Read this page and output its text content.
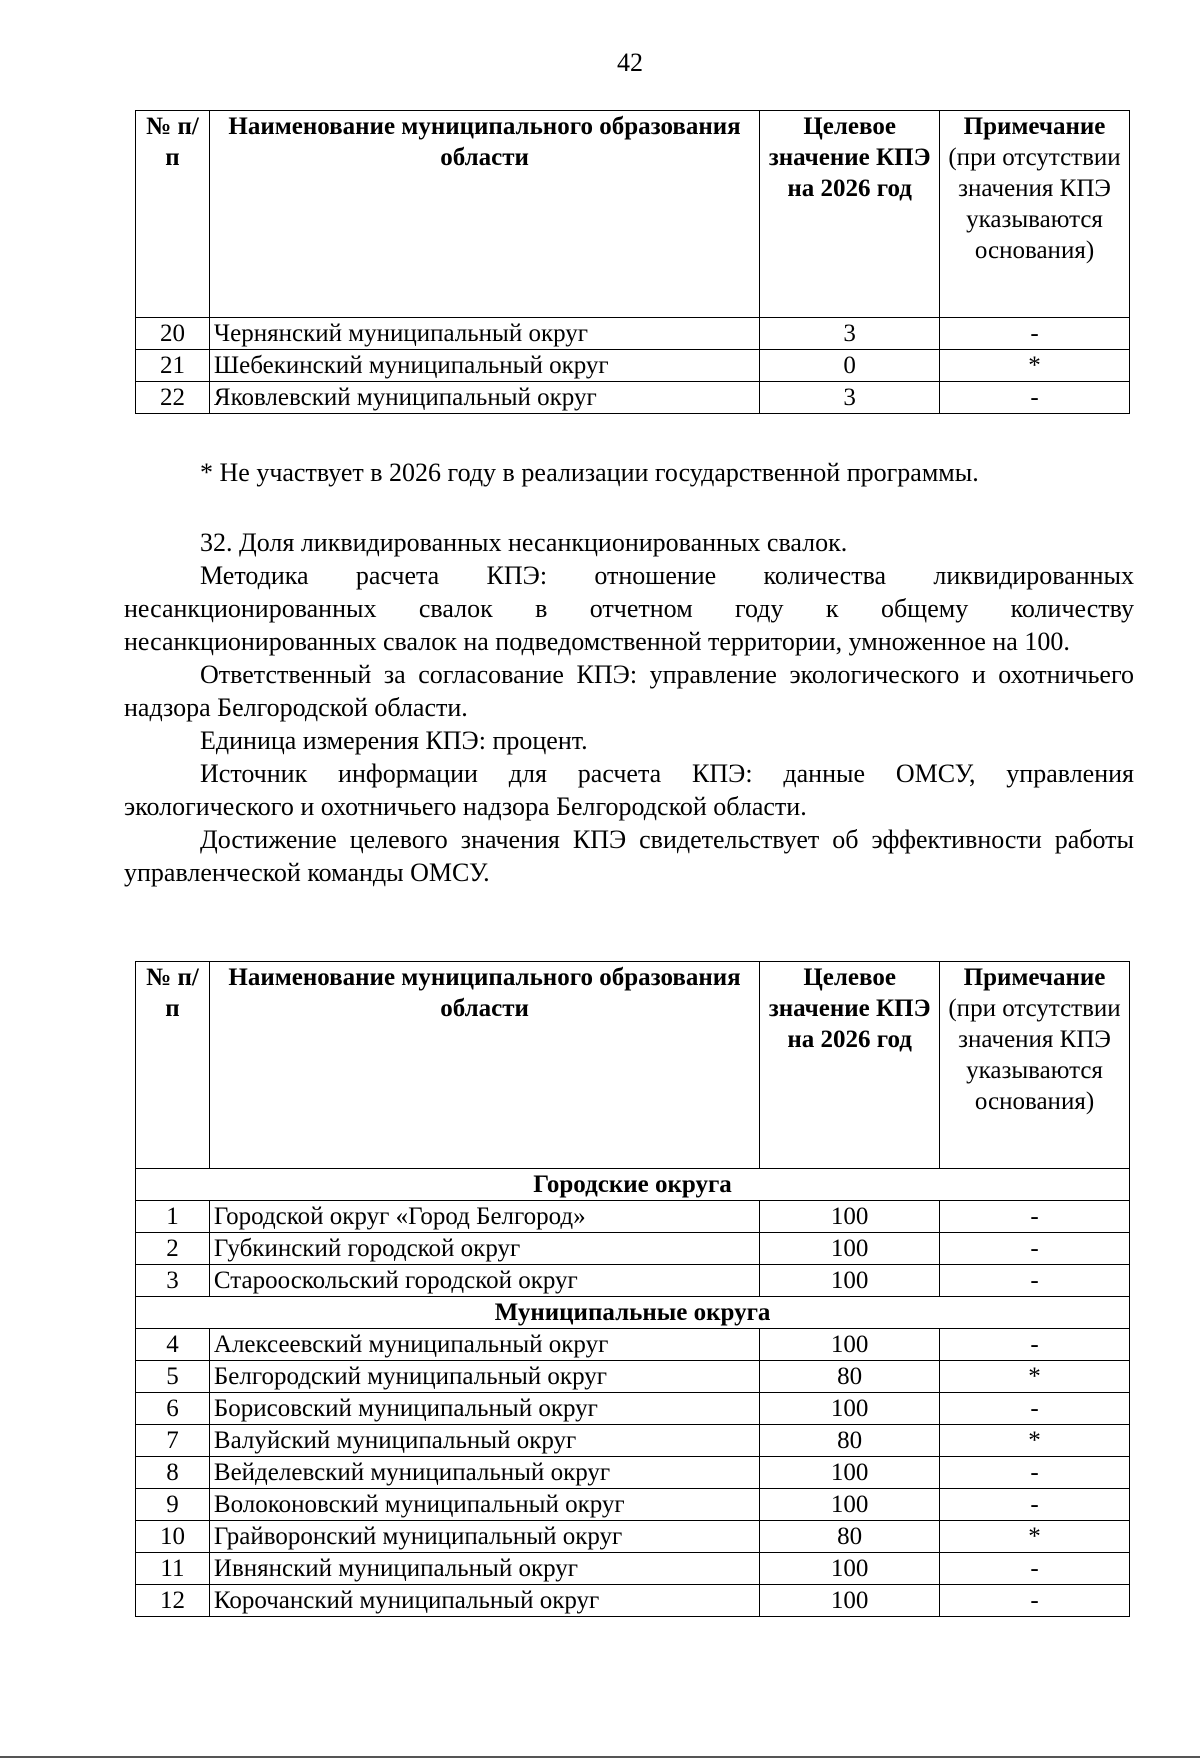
42
№ п/п	Наименование муниципального образования области	Целевое значение КПЭ на 2026 год	Примечание
(при отсутствии значения КПЭ указываются основания)
20	Чернянский муниципальный округ	3	-
21	Шебекинский муниципальный округ	0	*
22	Яковлевский муниципальный округ	3	-
* Не участвует в 2026 году в реализации государственной программы.

32. Доля ликвидированных несанкционированных свалок.

Методика расчета КПЭ: отношение количества ликвидированных несанкционированных свалок в отчетном году к общему количеству несанкционированных свалок на подведомственной территории, умноженное на 100.

Ответственный за согласование КПЭ: управление экологического и охотничьего надзора Белгородской области.

Единица измерения КПЭ: процент.

Источник информации для расчета КПЭ: данные ОМСУ, управления экологического и охотничьего надзора Белгородской области.

Достижение целевого значения КПЭ свидетельствует об эффективности работы управленческой команды ОМСУ.

№ п/п	Наименование муниципального образования области	Целевое значение КПЭ на 2026 год	Примечание
(при отсутствии значения КПЭ указываются основания)
Городские округа			
1	Городской округ «Город Белгород»	100	-
2	Губкинский городской округ	100	-
3	Старооскольский городской округ	100	-
Муниципальные округа			
4	Алексеевский муниципальный округ	100	-
5	Белгородский муниципальный округ	80	*
6	Борисовский муниципальный округ	100	-
7	Валуйский муниципальный округ	80	*
8	Вейделевский муниципальный округ	100	-
9	Волоконовский муниципальный округ	100	-
10	Грайворонский муниципальный округ	80	*
11	Ивнянский муниципальный округ	100	-
12	Корочанский муниципальный округ	100	-
